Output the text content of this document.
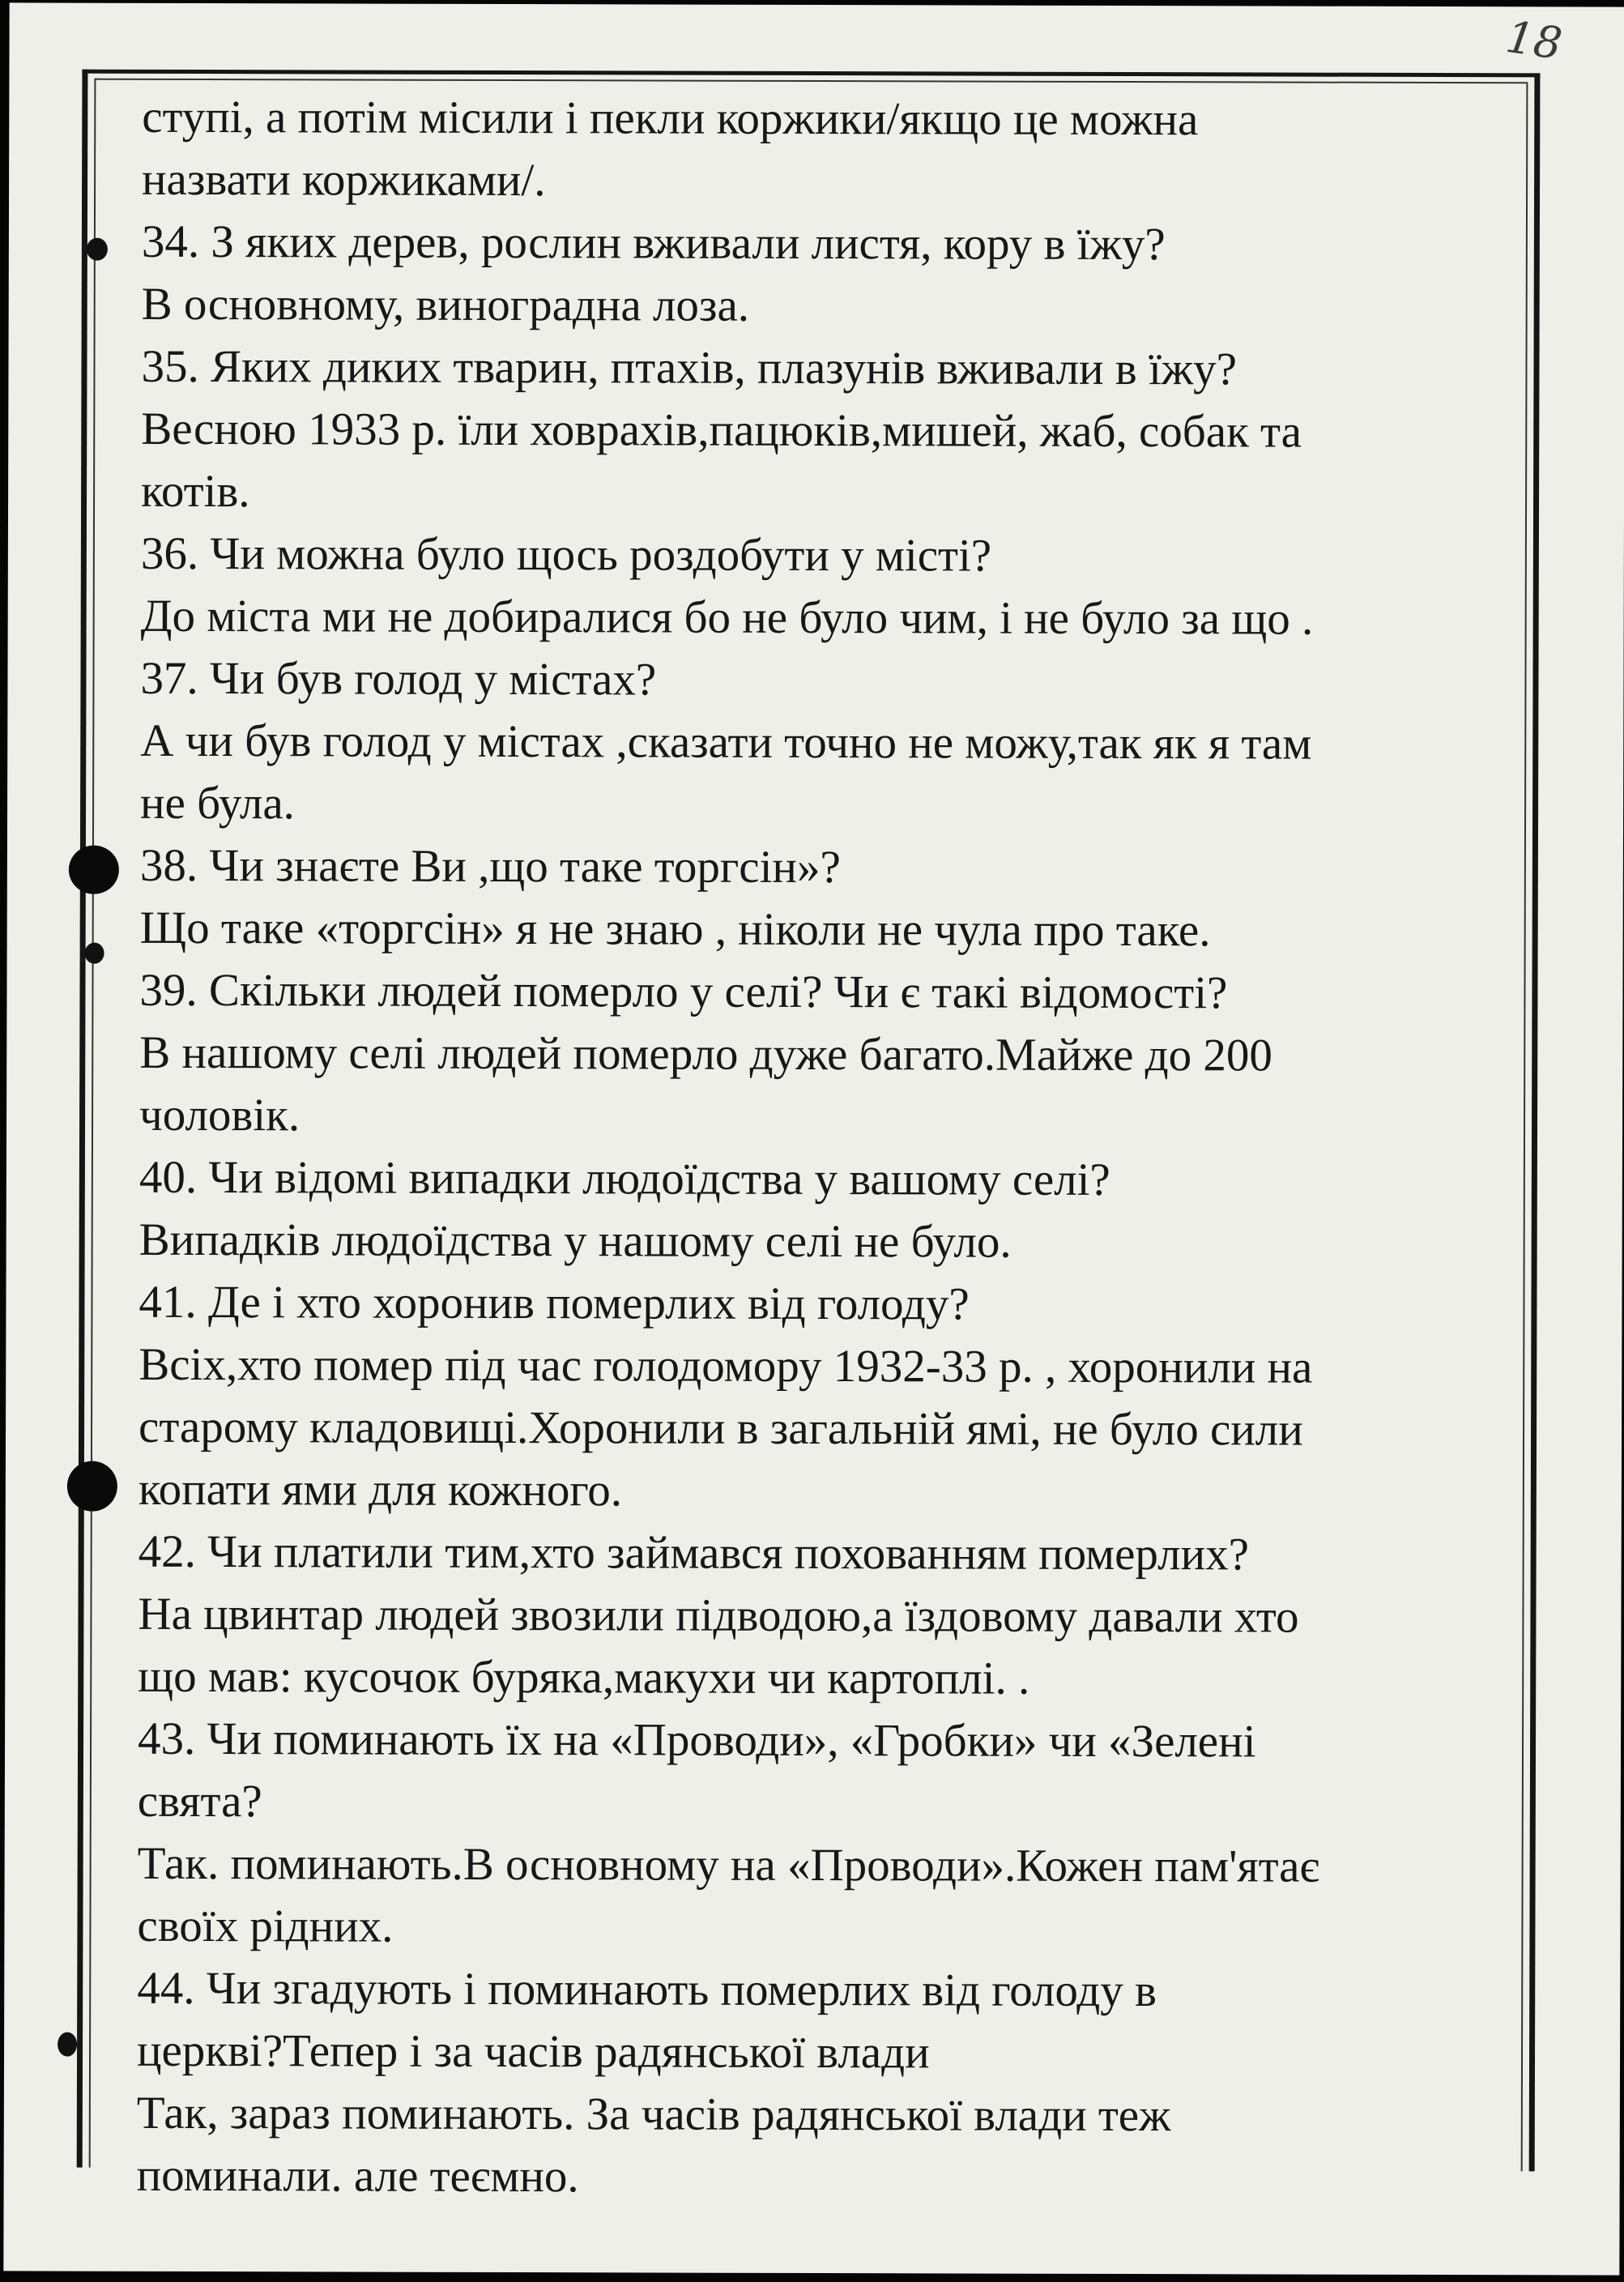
18
ступі, а потім місили і пекли коржики/якщо це можна
назвати коржиками/.
34. З яких дерев, рослин вживали листя, кору в їжу?
В основному, виноградна лоза.
35. Яких диких тварин, птахів, плазунів вживали в їжу?
Весною 1933 р. їли ховрахів,пацюків,мишей, жаб, собак та
котів.
36. Чи можна було щось роздобути у місті?
До міста ми не добиралися бо не було чим, і не було за що .
37. Чи був голод у містах?
А чи був голод у містах ,сказати точно не можу,так як я там
не була.
38. Чи знаєте Ви ,що таке торгсін»?
Що таке «торгсін» я не знаю , ніколи не чула про таке.
39. Скільки людей померло у селі? Чи є такі відомості?
В нашому селі людей померло дуже багато.Майже до 200
чоловік.
40. Чи відомі випадки людоїдства у вашому селі?
Випадків людоїдства у нашому селі не було.
41. Де і хто хоронив померлих від голоду?
Всіх,хто помер під час голодомору 1932-33 р. , хоронили на
старому кладовищі.Хоронили в загальній ямі, не було сили
копати ями для кожного.
42. Чи платили тим,хто займався похованням померлих?
На цвинтар людей звозили підводою,а їздовому давали хто
що мав: кусочок буряка,макухи чи картоплі. .
43. Чи поминають їх на «Проводи», «Гробки» чи «Зелені
свята?
Так. поминають.В основному на «Проводи».Кожен пам'ятає
своїх рідних.
44. Чи згадують і поминають померлих від голоду в
церкві?Тепер і за часів радянської влади
Так, зараз поминають. За часів радянської влади теж
поминали. але теємно.
